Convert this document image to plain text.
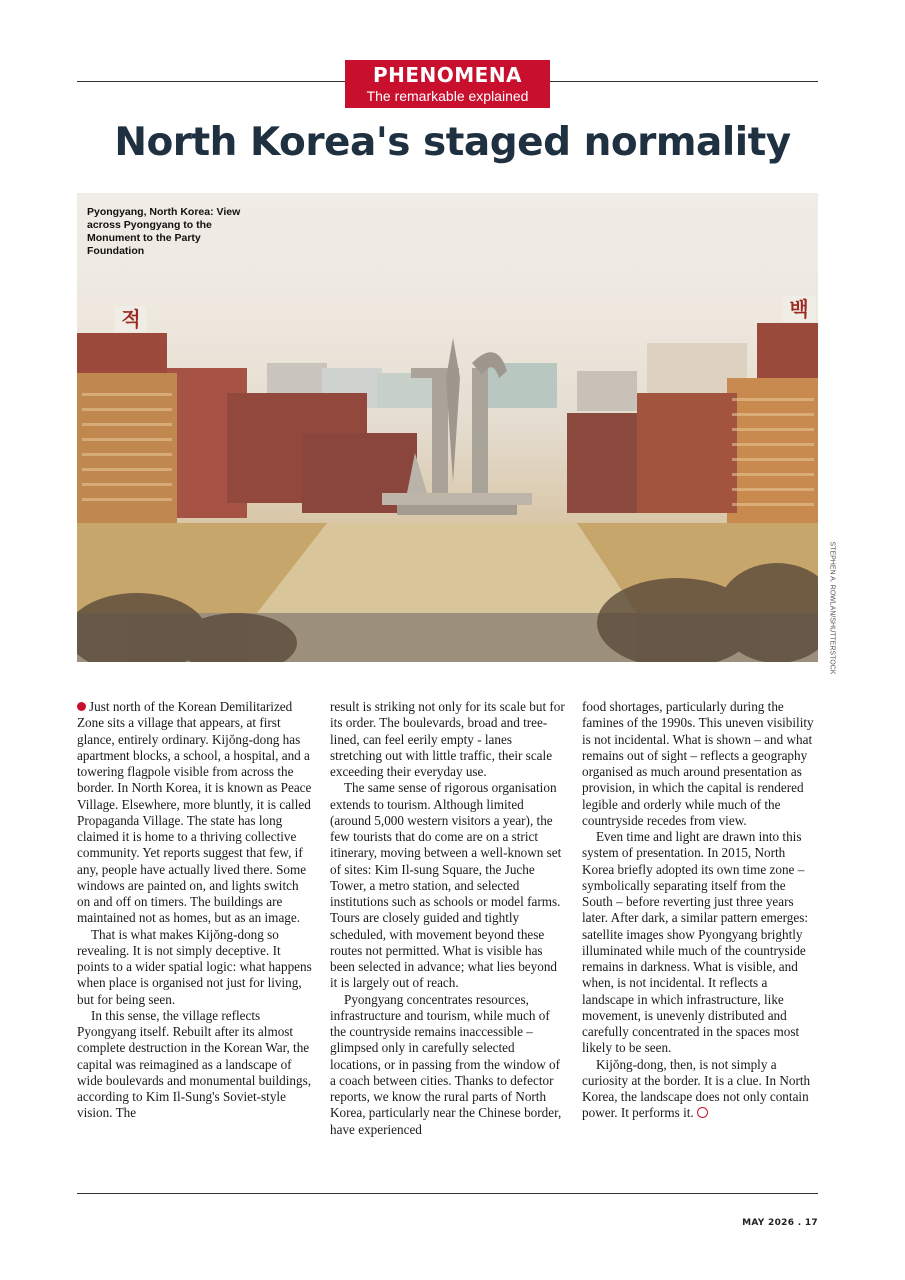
PHENOMENA
The remarkable explained
North Korea's staged normality
적	백
Pyongyang, North Korea: View across Pyongyang to the Monument to the Party Foundation
STEPHEN A. ROWLAN/SHUTTERSTOCK

Just north of the Korean Demilitarized Zone sits a village that appears, at first glance, entirely ordinary. Kijŏng-dong has apartment blocks, a school, a hospital, and a towering flagpole visible from across the border. In North Korea, it is known as Peace Village. Elsewhere, more bluntly, it is called Propaganda Village. The state has long claimed it is home to a thriving collective community. Yet reports suggest that few, if any, people have actually lived there. Some windows are painted on, and lights switch on and off on timers. The buildings are maintained not as homes, but as an image.

That is what makes Kijŏng-dong so revealing. It is not simply deceptive. It points to a wider spatial logic: what happens when place is organised not just for living, but for being seen.

In this sense, the village reflects Pyongyang itself. Rebuilt after its almost complete destruction in the Korean War, the capital was reimagined as a landscape of wide boulevards and monumental buildings, according to Kim Il-Sung's Soviet-style vision. The

result is striking not only for its scale but for its order. The boulevards, broad and tree-lined, can feel eerily empty - lanes stretching out with little traffic, their scale exceeding their everyday use.

The same sense of rigorous organisation extends to tourism. Although limited (around 5,000 western visitors a year), the few tourists that do come are on a strict itinerary, moving between a well-known set of sites: Kim Il-sung Square, the Juche Tower, a metro station, and selected institutions such as schools or model farms. Tours are closely guided and tightly scheduled, with movement beyond these routes not permitted. What is visible has been selected in advance; what lies beyond it is largely out of reach.

Pyongyang concentrates resources, infrastructure and tourism, while much of the countryside remains inaccessible – glimpsed only in carefully selected locations, or in passing from the window of a coach between cities. Thanks to defector reports, we know the rural parts of North Korea, particularly near the Chinese border, have experienced

food shortages, particularly during the famines of the 1990s. This uneven visibility is not incidental. What is shown – and what remains out of sight – reflects a geography organised as much around presentation as provision, in which the capital is rendered legible and orderly while much of the countryside recedes from view.

Even time and light are drawn into this system of presentation. In 2015, North Korea briefly adopted its own time zone – symbolically separating itself from the South – before reverting just three years later. After dark, a similar pattern emerges: satellite images show Pyongyang brightly illuminated while much of the countryside remains in darkness. What is visible, and when, is not incidental. It reflects a landscape in which infrastructure, like movement, is unevenly distributed and carefully concentrated in the spaces most likely to be seen.

Kijŏng-dong, then, is not simply a curiosity at the border. It is a clue. In North Korea, the landscape does not only contain power. It performs it.

MAY 2026 . 17
